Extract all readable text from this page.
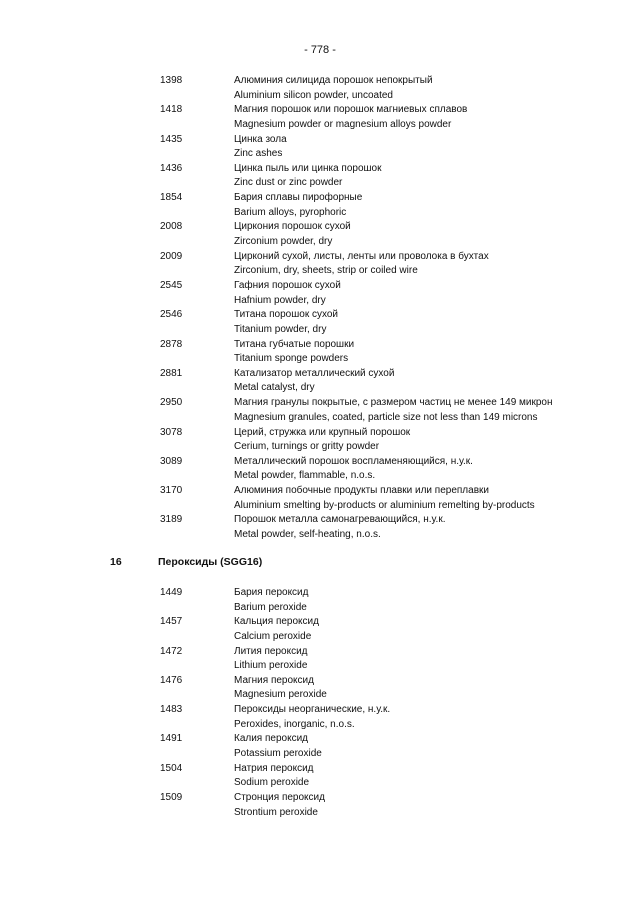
- 778 -
1398	Алюминия силицида порошок непокрытый
Aluminium silicon powder, uncoated
1418	Магния порошок или порошок магниевых сплавов
Magnesium powder or magnesium alloys powder
1435	Цинка зола
Zinc ashes
1436	Цинка пыль или цинка порошок
Zinc dust or zinc powder
1854	Бария сплавы пирофорные
Barium alloys, pyrophoric
2008	Циркония порошок сухой
Zirconium powder, dry
2009	Цирконий сухой, листы, ленты или проволока в бухтах
Zirconium, dry, sheets, strip or coiled wire
2545	Гафния порошок сухой
Hafnium powder, dry
2546	Титана порошок сухой
Titanium powder, dry
2878	Титана губчатые порошки
Titanium sponge powders
2881	Катализатор металлический сухой
Metal catalyst, dry
2950	Магния гранулы покрытые, с размером частиц не менее 149 микрон
Magnesium granules, coated, particle size not less than 149 microns
3078	Церий, стружка или крупный порошок
Cerium, turnings or gritty powder
3089	Металлический порошок воспламеняющийся, н.у.к.
Metal powder, flammable, n.o.s.
3170	Алюминия побочные продукты плавки или переплавки
Aluminium smelting by-products or aluminium remelting by-products
3189	Порошок металла самонагревающийся, н.у.к.
Metal powder, self-heating, n.o.s.
16	Пероксиды (SGG16)
1449	Бария пероксид
Barium peroxide
1457	Кальция пероксид
Calcium peroxide
1472	Лития пероксид
Lithium peroxide
1476	Магния пероксид
Magnesium peroxide
1483	Пероксиды неорганические, н.у.к.
Peroxides, inorganic, n.o.s.
1491	Калия пероксид
Potassium peroxide
1504	Натрия пероксид
Sodium peroxide
1509	Стронция пероксид
Strontium peroxide
